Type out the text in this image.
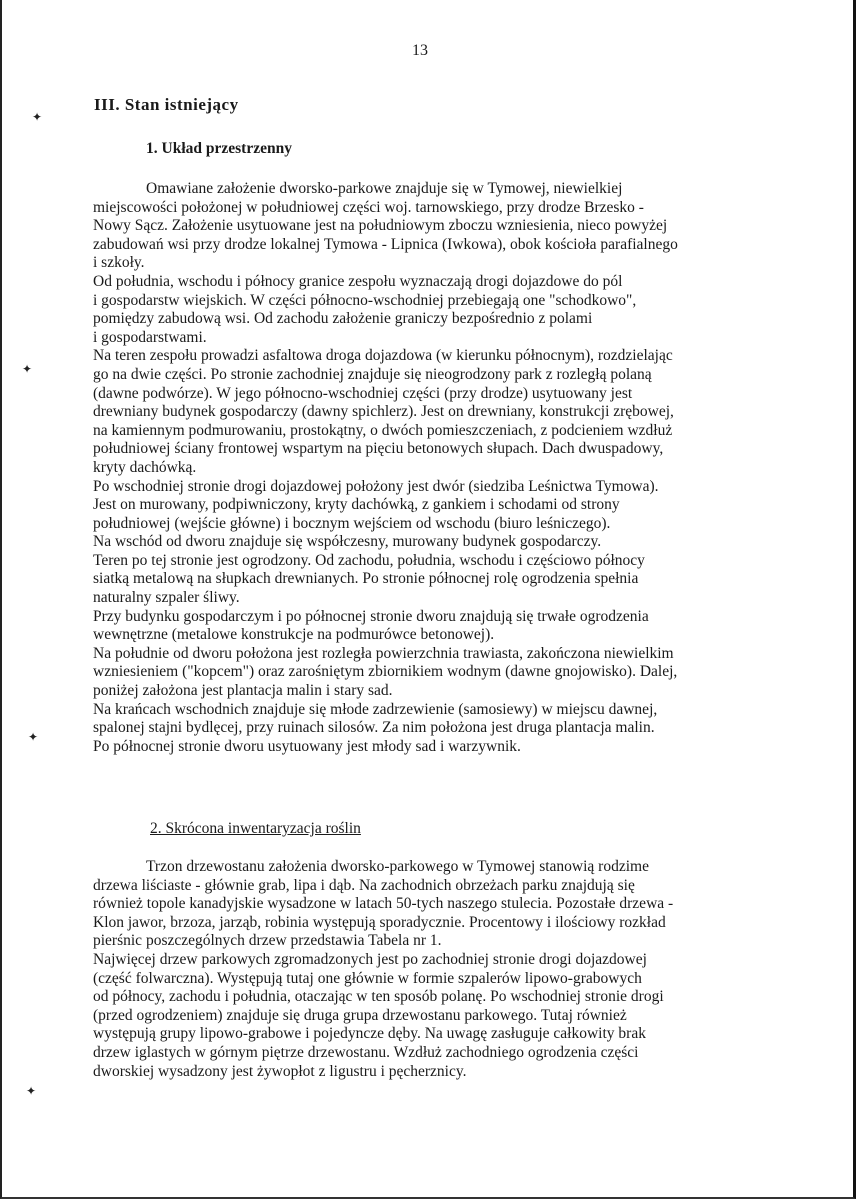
13
III. Stan istniejący
1. Układ przestrzenny
Omawiane założenie dworsko-parkowe znajduje się w Tymowej, niewielkiej
miejscowości położonej w południowej części woj. tarnowskiego, przy drodze Brzesko -
Nowy Sącz. Założenie usytuowane jest na południowym zboczu wzniesienia, nieco powyżej
zabudowań wsi przy drodze lokalnej Tymowa - Lipnica (Iwkowa), obok kościoła parafialnego
i szkoły.
Od południa, wschodu i północy granice zespołu wyznaczają drogi dojazdowe do pól
i gospodarstw wiejskich. W części północno-wschodniej przebiegają one "schodkowo",
pomiędzy zabudową wsi. Od zachodu założenie graniczy bezpośrednio z polami
i gospodarstwami.
Na teren zespołu prowadzi asfaltowa droga dojazdowa (w kierunku północnym), rozdzielając
go na dwie części. Po stronie zachodniej znajduje się nieogrodzony park z rozległą polaną
(dawne podwórze). W jego północno-wschodniej części (przy drodze) usytuowany jest
drewniany budynek gospodarczy (dawny spichlerz). Jest on drewniany, konstrukcji zrębowej,
na kamiennym podmurowaniu, prostokątny, o dwóch pomieszczeniach, z podcieniem wzdłuż
południowej ściany frontowej wspartym na pięciu betonowych słupach. Dach dwuspadowy,
kryty dachówką.
Po wschodniej stronie drogi dojazdowej położony jest dwór (siedziba Leśnictwa Tymowa).
Jest on murowany, podpiwniczony, kryty dachówką, z gankiem i schodami od strony
południowej (wejście główne) i bocznym wejściem od wschodu (biuro leśniczego).
Na wschód od dworu znajduje się współczesny, murowany budynek gospodarczy.
Teren po tej stronie jest ogrodzony. Od zachodu, południa, wschodu i częściowo północy
siatką metalową na słupkach drewnianych. Po stronie północnej rolę ogrodzenia spełnia
naturalny szpaler śliwy.
Przy budynku gospodarczym i po północnej stronie dworu znajdują się trwałe ogrodzenia
wewnętrzne (metalowe konstrukcje na podmurówce betonowej).
Na południe od dworu położona jest rozległa powierzchnia trawiasta, zakończona niewielkim
wzniesieniem ("kopcem") oraz zarośniętym zbiornikiem wodnym (dawne gnojowisko). Dalej,
poniżej założona jest plantacja malin i stary sad.
Na krańcach wschodnich znajduje się młode zadrzewienie (samosiewy) w miejscu dawnej,
spalonej stajni bydlęcej, przy ruinach silosów. Za nim położona jest druga plantacja malin.
Po północnej stronie dworu usytuowany jest młody sad i warzywnik.
2. Skrócona inwentaryzacja roślin
Trzon drzewostanu założenia dworsko-parkowego w Tymowej stanowią rodzime
drzewa liściaste - głównie grab, lipa i dąb. Na zachodnich obrzeżach parku znajdują się
również topole kanadyjskie wysadzone w latach 50-tych naszego stulecia. Pozostałe drzewa -
Klon jawor, brzoza, jarząb, robinia występują sporadycznie. Procentowy i ilościowy rozkład
pierśnic poszczególnych drzew przedstawia Tabela nr 1.
Najwięcej drzew parkowych zgromadzonych jest po zachodniej stronie drogi dojazdowej
(część folwarczna). Występują tutaj one głównie w formie szpalerów lipowo-grabowych
od północy, zachodu i południa, otaczając w ten sposób polanę. Po wschodniej stronie drogi
(przed ogrodzeniem) znajduje się druga grupa drzewostanu parkowego. Tutaj również
występują grupy lipowo-grabowe i pojedyncze dęby. Na uwagę zasługuje całkowity brak
drzew iglastych w górnym piętrze drzewostanu. Wzdłuż zachodniego ogrodzenia części
dworskiej wysadzony jest żywopłot z ligustru i pęcherznicy.
✦
✦
✦
✦
